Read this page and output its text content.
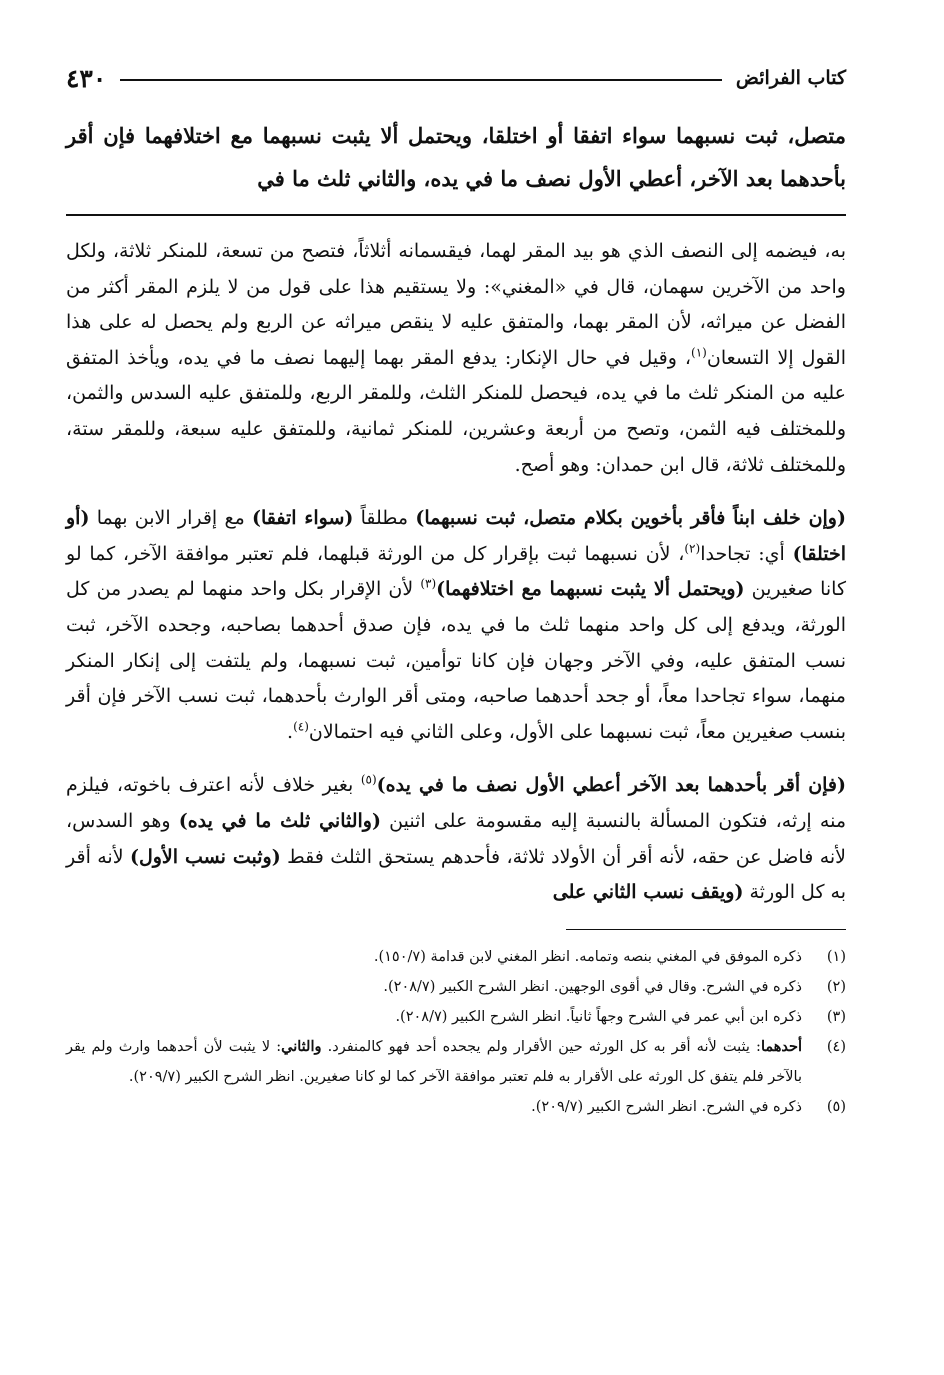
كتاب الفرائض
٤٣٠
متصل، ثبت نسبهما سواء اتفقا أو اختلقا، ويحتمل ألا يثبت نسبهما مع اختلافهما فإن أقر بأحدهما بعد الآخر، أعطي الأول نصف ما في يده، والثاني ثلث ما في

به، فيضمه إلى النصف الذي هو بيد المقر لهما، فيقسمانه أثلاثاً، فتصح من تسعة، للمنكر ثلاثة، ولكل واحد من الآخرين سهمان، قال في «المغني»: ولا يستقيم هذا على قول من لا يلزم المقر أكثر من الفضل عن ميراثه، لأن المقر بهما، والمتفق عليه لا ينقص ميراثه عن الربع ولم يحصل له على هذا القول إلا التسعان$^{(١)}$، وقيل في حال الإنكار: يدفع المقر بهما إليهما نصف ما في يده، ويأخذ المتفق عليه من المنكر ثلث ما في يده، فيحصل للمنكر الثلث، وللمقر الربع، وللمتفق عليه السدس والثمن، وللمختلف فيه الثمن، وتصح من أربعة وعشرين، للمنكر ثمانية، وللمتفق عليه سبعة، وللمقر ستة، وللمختلف ثلاثة، قال ابن حمدان: وهو أصح.

(وإن خلف ابناً فأقر بأخوين بكلام متصل، ثبت نسبهما) مطلقاً (سواء اتفقا) مع إقرار الابن بهما (أو اختلقا) أي: تجاحدا$^{(٢)}$، لأن نسبهما ثبت بإقرار كل من الورثة قبلهما، فلم تعتبر موافقة الآخر، كما لو كانا صغيرين (ويحتمل ألا يثبت نسبهما مع اختلافهما)$^{(٣)}$ لأن الإقرار بكل واحد منهما لم يصدر من كل الورثة، ويدفع إلى كل واحد منهما ثلث ما في يده، فإن صدق أحدهما بصاحبه، وجحده الآخر، ثبت نسب المتفق عليه، وفي الآخر وجهان فإن كانا توأمين، ثبت نسبهما، ولم يلتفت إلى إنكار المنكر منهما، سواء تجاحدا معاً، أو جحد أحدهما صاحبه، ومتى أقر الوارث بأحدهما، ثبت نسب الآخر فإن أقر بنسب صغيرين معاً، ثبت نسبهما على الأول، وعلى الثاني فيه احتمالان$^{(٤)}$.

(فإن أقر بأحدهما بعد الآخر أعطي الأول نصف ما في يده)$^{(٥)}$ بغير خلاف لأنه اعترف باخوته، فيلزم منه إرثه، فتكون المسألة بالنسبة إليه مقسومة على اثنين (والثاني ثلث ما في يده) وهو السدس، لأنه فاضل عن حقه، لأنه أقر أن الأولاد ثلاثة، فأحدهم يستحق الثلث فقط (وثبت نسب الأول) لأنه أقر به كل الورثة (ويقف نسب الثاني على

(١)
ذكره الموفق في المغني بنصه وتمامه. انظر المغني لابن قدامة (١٥٠/٧).
(٢)
ذكره في الشرح. وقال في أقوى الوجهين. انظر الشرح الكبير (٢٠٨/٧).
(٣)
ذكره ابن أبي عمر في الشرح وجهاً ثانياً. انظر الشرح الكبير (٢٠٨/٧).
(٤)
أحدهما: يثبت لأنه أقر به كل الورثه حين الأقرار ولم يجحده أحد فهو كالمنفرد. والثاني: لا يثبت لأن أحدهما وارث ولم يقر بالآخر فلم يتفق كل الورثه على الأقرار به فلم تعتبر موافقة الآخر كما لو كانا صغيرين. انظر الشرح الكبير (٢٠٩/٧).
(٥)
ذكره في الشرح. انظر الشرح الكبير (٢٠٩/٧).
